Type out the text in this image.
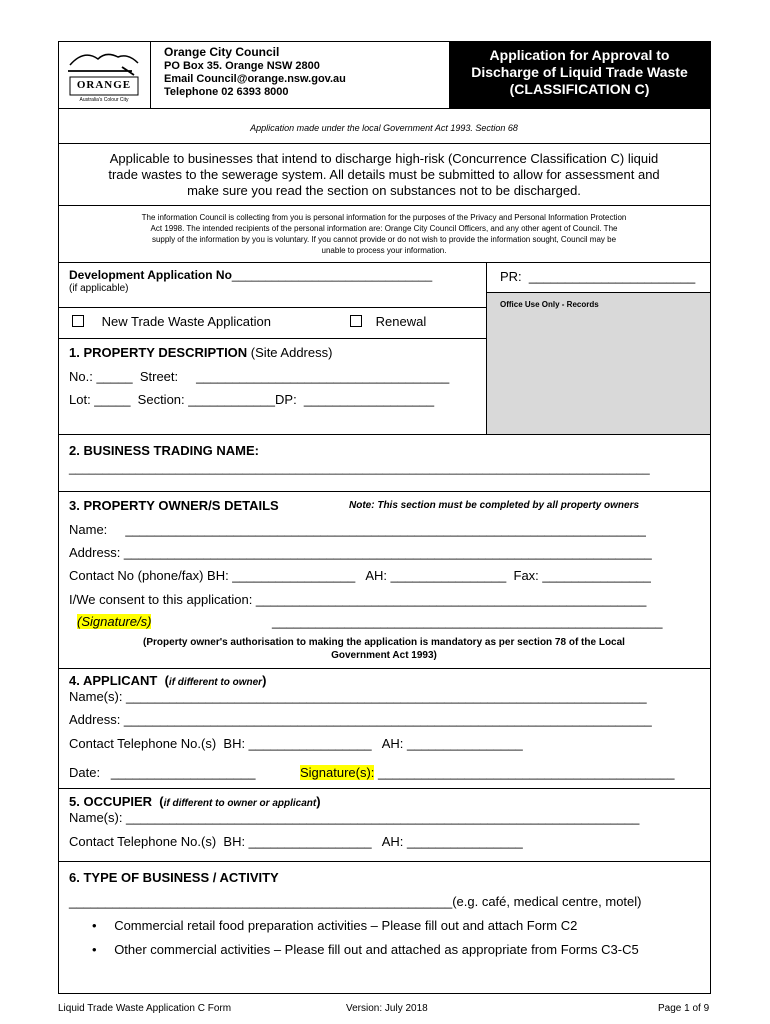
ORANGE
Australia's Colour City
Orange City Council
PO Box 35. Orange NSW 2800
Email Council@orange.nsw.gov.au
Telephone 02 6393 8000
Application for Approval to
Discharge of Liquid Trade Waste
(CLASSIFICATION C)
Application made under the local Government Act 1993. Section 68
Applicable to businesses that intend to discharge high-risk (Concurrence Classification C) liquid
trade wastes to the sewerage system. All details must be submitted to allow for assessment and
make sure you read the section on substances not to be discharged.
The information Council is collecting from you is personal information for the purposes of the Privacy and Personal Information Protection
Act 1998. The intended recipients of the personal information are: Orange City Council Officers, and any other agent of Council. The
supply of the information by you is voluntary. If you cannot provide or do not wish to provide the information sought, Council may be
unable to process your information.
Development Application No______________________________
(if applicable)
PR:  _______________________
Office Use Only - Records
New Trade Waste Application	Renewal
1. PROPERTY DESCRIPTION (Site Address)
No.: _____  Street:     ___________________________________
Lot: _____  Section: ____________DP:  __________________
2. BUSINESS TRADING NAME:
_______________________________________________________________________________________
3. PROPERTY OWNER/S DETAILS	Note: This section must be completed by all property owners
Name:     ________________________________________________________________________
Address: _________________________________________________________________________
Contact No (phone/fax) BH: _________________   AH: ________________  Fax: _______________
I/We consent to this application: ______________________________________________________
(Signature/s)	______________________________________________________
(Property owner's authorisation to making the application is mandatory as per section 78 of the Local
Government Act 1993)
4. APPLICANT  (if different to owner)
Name(s): ________________________________________________________________________
Address: _________________________________________________________________________
Contact Telephone No.(s)  BH: _________________   AH: ________________
Date:   ____________________	Signature(s): _________________________________________
5. OCCUPIER  (if different to owner or applicant)
Name(s): _______________________________________________________________________
Contact Telephone No.(s)  BH: _________________   AH: ________________
6. TYPE OF BUSINESS / ACTIVITY
_____________________________________________________(e.g. café, medical centre, motel)
• Commercial retail food preparation activities – Please fill out and attach Form C2
• Other commercial activities – Please fill out and attached as appropriate from Forms C3-C5
Liquid Trade Waste Application C Form	Version: July 2018	Page 1 of 9
